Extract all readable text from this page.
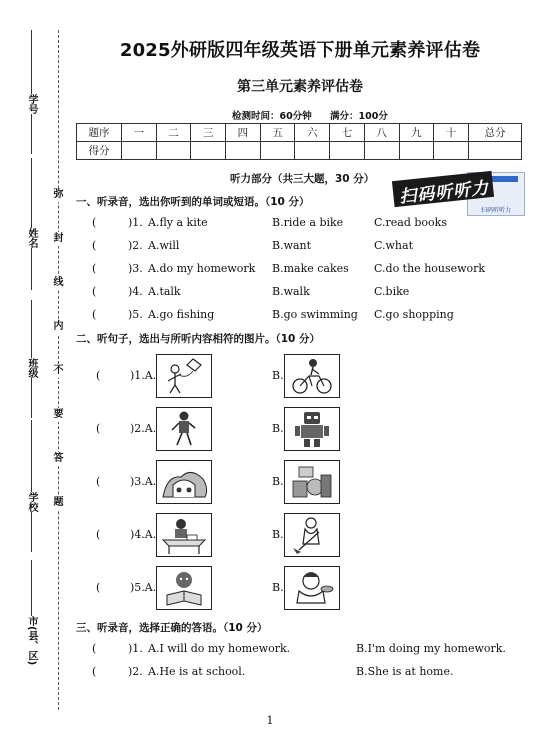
学号
姓名
班级
学校
市(县、区)
弥
封
线
内
不
要
答
题
2025外研版四年级英语下册单元素养评估卷
第三单元素养评估卷
检测时间：60分钟 满分：100分
题序	一	二	三	四	五	六	七	八	九	十	总分
得分											
扫码听听力
扫码听听力
听力部分（共三大题，30 分）
一、听录音，选出你听到的单词或短语。（10 分）
(	)1. A.fly a kite	B.ride a bike	C.read books
(	)2. A.will	B.want	C.what
(	)3. A.do my homework B.make cakes C.do the housework
(	)4. A.talk	B.walk	C.bike
(	)5. A.go fishing	B.go swimming C.go shopping
二、听句子，选出与所听内容相符的图片。（10 分）
(	)1.A.	B.
(	)2.A.	B.
(	)3.A.	B.
(	)4.A.	B.
(	)5.A.	B.
三、听录音，选择正确的答语。（10 分）
(	)1. A.I will do my homework.	B.I'm doing my homework.
(	)2. A.He is at school.	B.She is at home.
1
